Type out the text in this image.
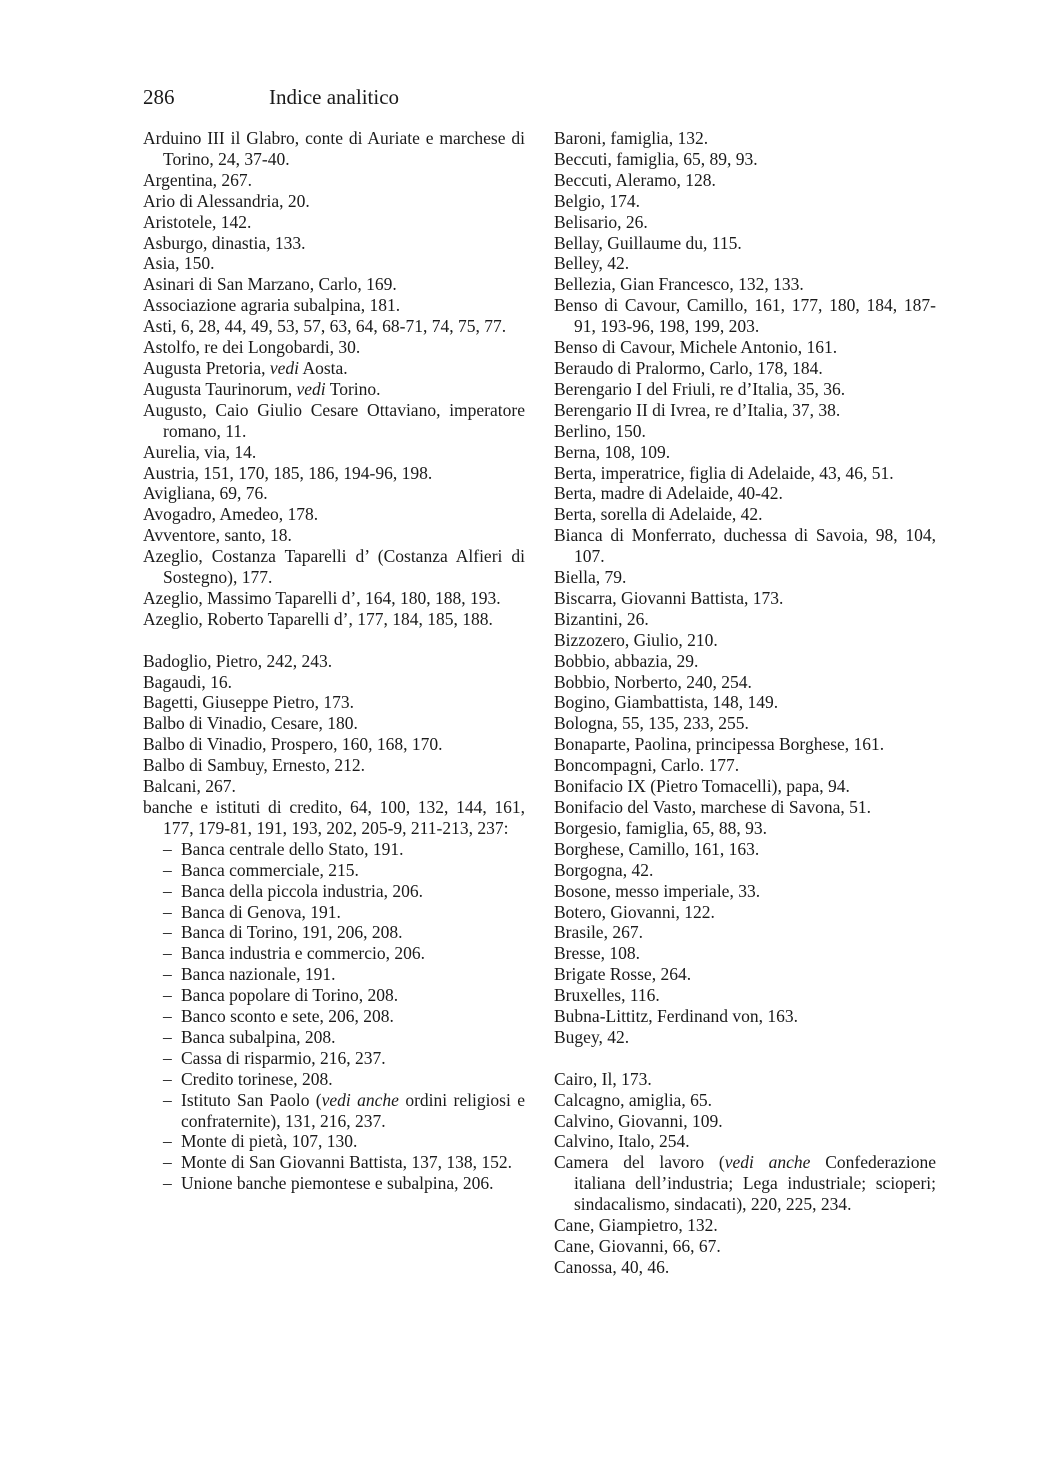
286	Indice analitico

Arduino III il Glabro, conte di Auriate e marchese di Torino, 24, 37-40.

Argentina, 267.

Ario di Alessandria, 20.

Aristotele, 142.

Asburgo, dinastia, 133.

Asia, 150.

Asinari di San Marzano, Carlo, 169.

Associazione agraria subalpina, 181.

Asti, 6, 28, 44, 49, 53, 57, 63, 64, 68-71, 74, 75, 77.

Astolfo, re dei Longobardi, 30.

Augusta Pretoria, vedi Aosta.

Augusta Taurinorum, vedi Torino.

Augusto, Caio Giulio Cesare Ottaviano, imperatore romano, 11.

Aurelia, via, 14.

Austria, 151, 170, 185, 186, 194-96, 198.

Avigliana, 69, 76.

Avogadro, Amedeo, 178.

Avventore, santo, 18.

Azeglio, Costanza Taparelli d’ (Costanza Alfieri di Sostegno), 177.

Azeglio, Massimo Taparelli d’, 164, 180, 188, 193.

Azeglio, Roberto Taparelli d’, 177, 184, 185, 188.

Badoglio, Pietro, 242, 243.

Bagaudi, 16.

Bagetti, Giuseppe Pietro, 173.

Balbo di Vinadio, Cesare, 180.

Balbo di Vinadio, Prospero, 160, 168, 170.

Balbo di Sambuy, Ernesto, 212.

Balcani, 267.

banche e istituti di credito, 64, 100, 132, 144, 161, 177, 179-81, 191, 193, 202, 205-9, 211-213, 237:

– Banca centrale dello Stato, 191.

– Banca commerciale, 215.

– Banca della piccola industria, 206.

– Banca di Genova, 191.

– Banca di Torino, 191, 206, 208.

– Banca industria e commercio, 206.

– Banca nazionale, 191.

– Banca popolare di Torino, 208.

– Banco sconto e sete, 206, 208.

– Banca subalpina, 208.

– Cassa di risparmio, 216, 237.

– Credito torinese, 208.

– Istituto San Paolo (vedi anche ordini religiosi e confraternite), 131, 216, 237.

– Monte di pietà, 107, 130.

– Monte di San Giovanni Battista, 137, 138, 152.

– Unione banche piemontese e subalpina, 206.

Baroni, famiglia, 132.

Beccuti, famiglia, 65, 89, 93.

Beccuti, Aleramo, 128.

Belgio, 174.

Belisario, 26.

Bellay, Guillaume du, 115.

Belley, 42.

Bellezia, Gian Francesco, 132, 133.

Benso di Cavour, Camillo, 161, 177, 180, 184, 187-91, 193-96, 198, 199, 203.

Benso di Cavour, Michele Antonio, 161.

Beraudo di Pralormo, Carlo, 178, 184.

Berengario I del Friuli, re d’Italia, 35, 36.

Berengario II di Ivrea, re d’Italia, 37, 38.

Berlino, 150.

Berna, 108, 109.

Berta, imperatrice, figlia di Adelaide, 43, 46, 51.

Berta, madre di Adelaide, 40-42.

Berta, sorella di Adelaide, 42.

Bianca di Monferrato, duchessa di Savoia, 98, 104, 107.

Biella, 79.

Biscarra, Giovanni Battista, 173.

Bizantini, 26.

Bizzozero, Giulio, 210.

Bobbio, abbazia, 29.

Bobbio, Norberto, 240, 254.

Bogino, Giambattista, 148, 149.

Bologna, 55, 135, 233, 255.

Bonaparte, Paolina, principessa Borghese, 161.

Boncompagni, Carlo. 177.

Bonifacio IX (Pietro Tomacelli), papa, 94.

Bonifacio del Vasto, marchese di Savona, 51.

Borgesio, famiglia, 65, 88, 93.

Borghese, Camillo, 161, 163.

Borgogna, 42.

Bosone, messo imperiale, 33.

Botero, Giovanni, 122.

Brasile, 267.

Bresse, 108.

Brigate Rosse, 264.

Bruxelles, 116.

Bubna-Littitz, Ferdinand von, 163.

Bugey, 42.

Cairo, Il, 173.

Calcagno, amiglia, 65.

Calvino, Giovanni, 109.

Calvino, Italo, 254.

Camera del lavoro (vedi anche Confederazione italiana dell’industria; Lega industriale; scioperi; sindacalismo, sindacati), 220, 225, 234.

Cane, Giampietro, 132.

Cane, Giovanni, 66, 67.

Canossa, 40, 46.
